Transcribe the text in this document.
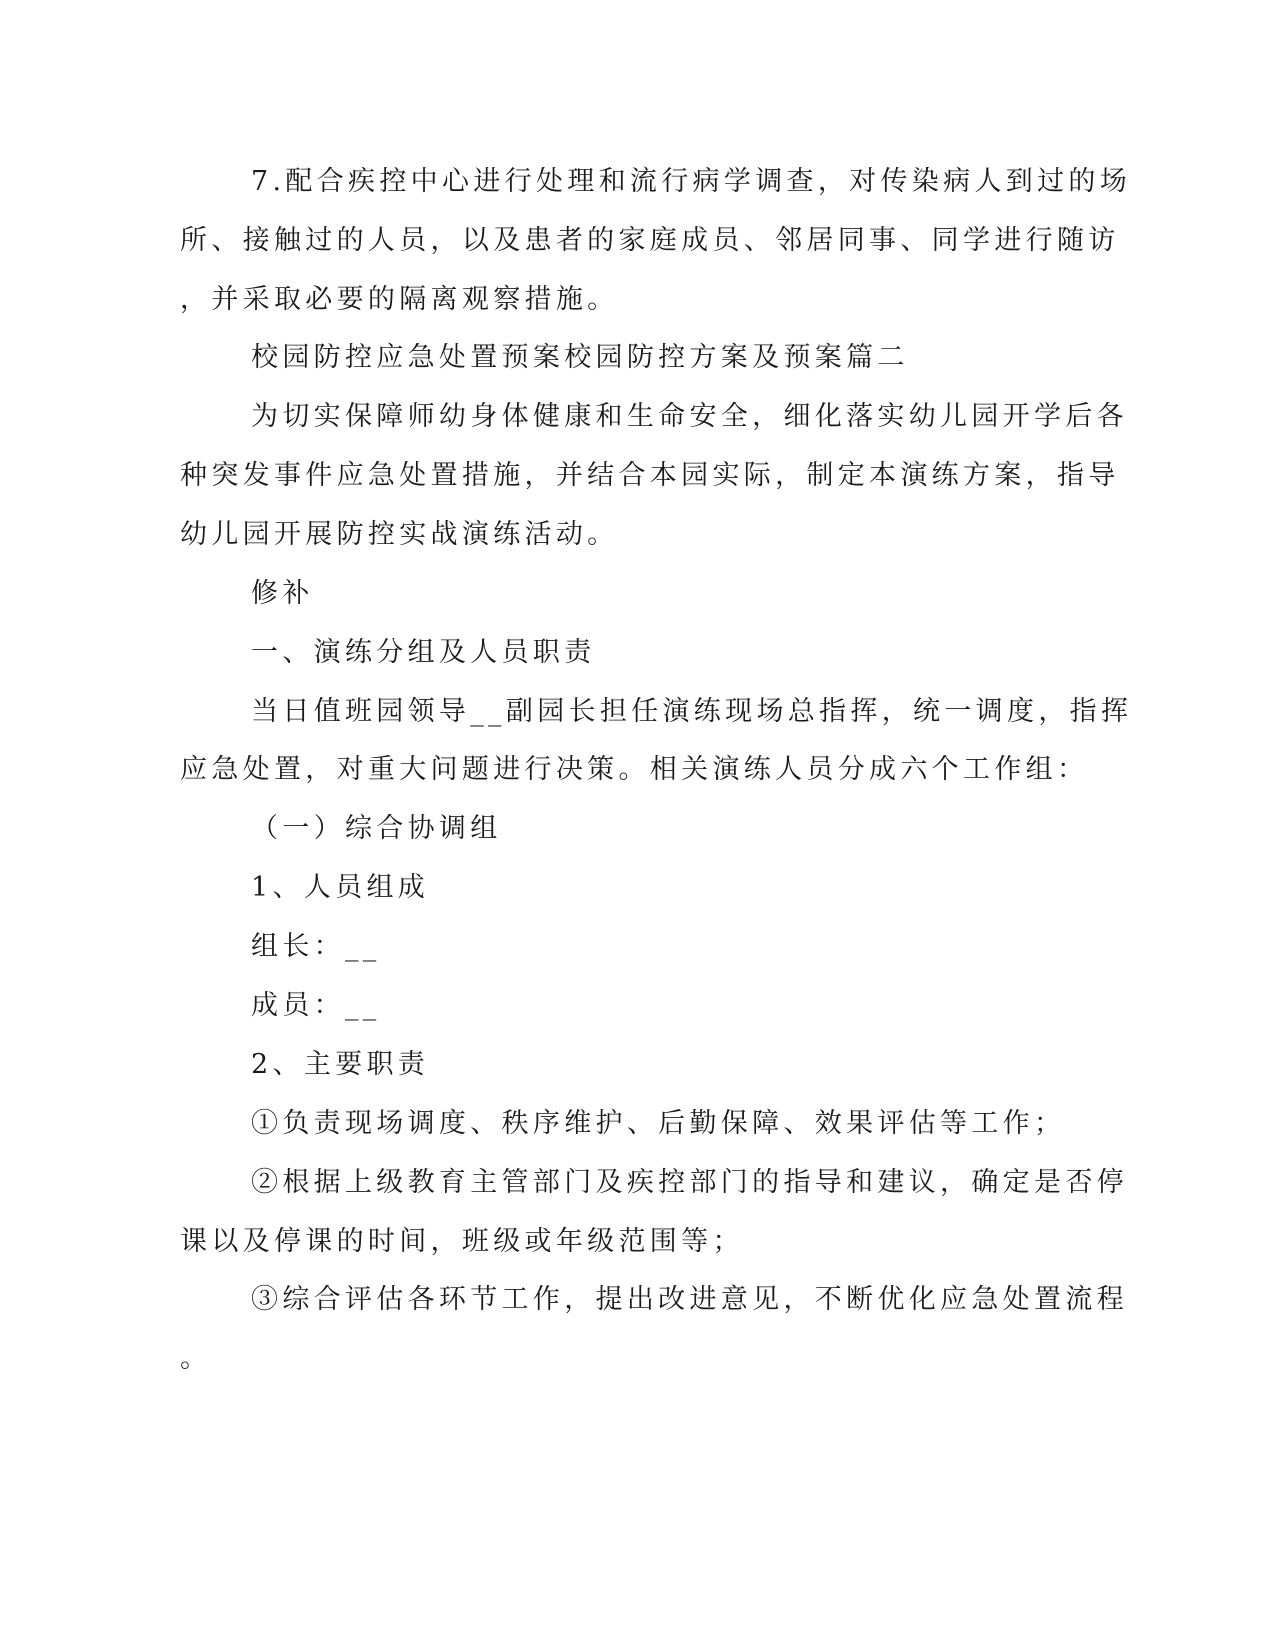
7.配合疾控中心进行处理和流行病学调查，对传染病人到过的场
所、接触过的人员，以及患者的家庭成员、邻居同事、同学进行随访
，并采取必要的隔离观察措施。
校园防控应急处置预案校园防控方案及预案篇二
为切实保障师幼身体健康和生命安全，细化落实幼儿园开学后各
种突发事件应急处置措施，并结合本园实际，制定本演练方案，指导
幼儿园开展防控实战演练活动。
修补
一、演练分组及人员职责
当日值班园领导__副园长担任演练现场总指挥，统一调度，指挥
应急处置，对重大问题进行决策。相关演练人员分成六个工作组：
（一）综合协调组
1、人员组成
组长：__
成员：__
2、主要职责
①负责现场调度、秩序维护、后勤保障、效果评估等工作；
②根据上级教育主管部门及疾控部门的指导和建议，确定是否停
课以及停课的时间，班级或年级范围等；
③综合评估各环节工作，提出改进意见，不断优化应急处置流程
。
